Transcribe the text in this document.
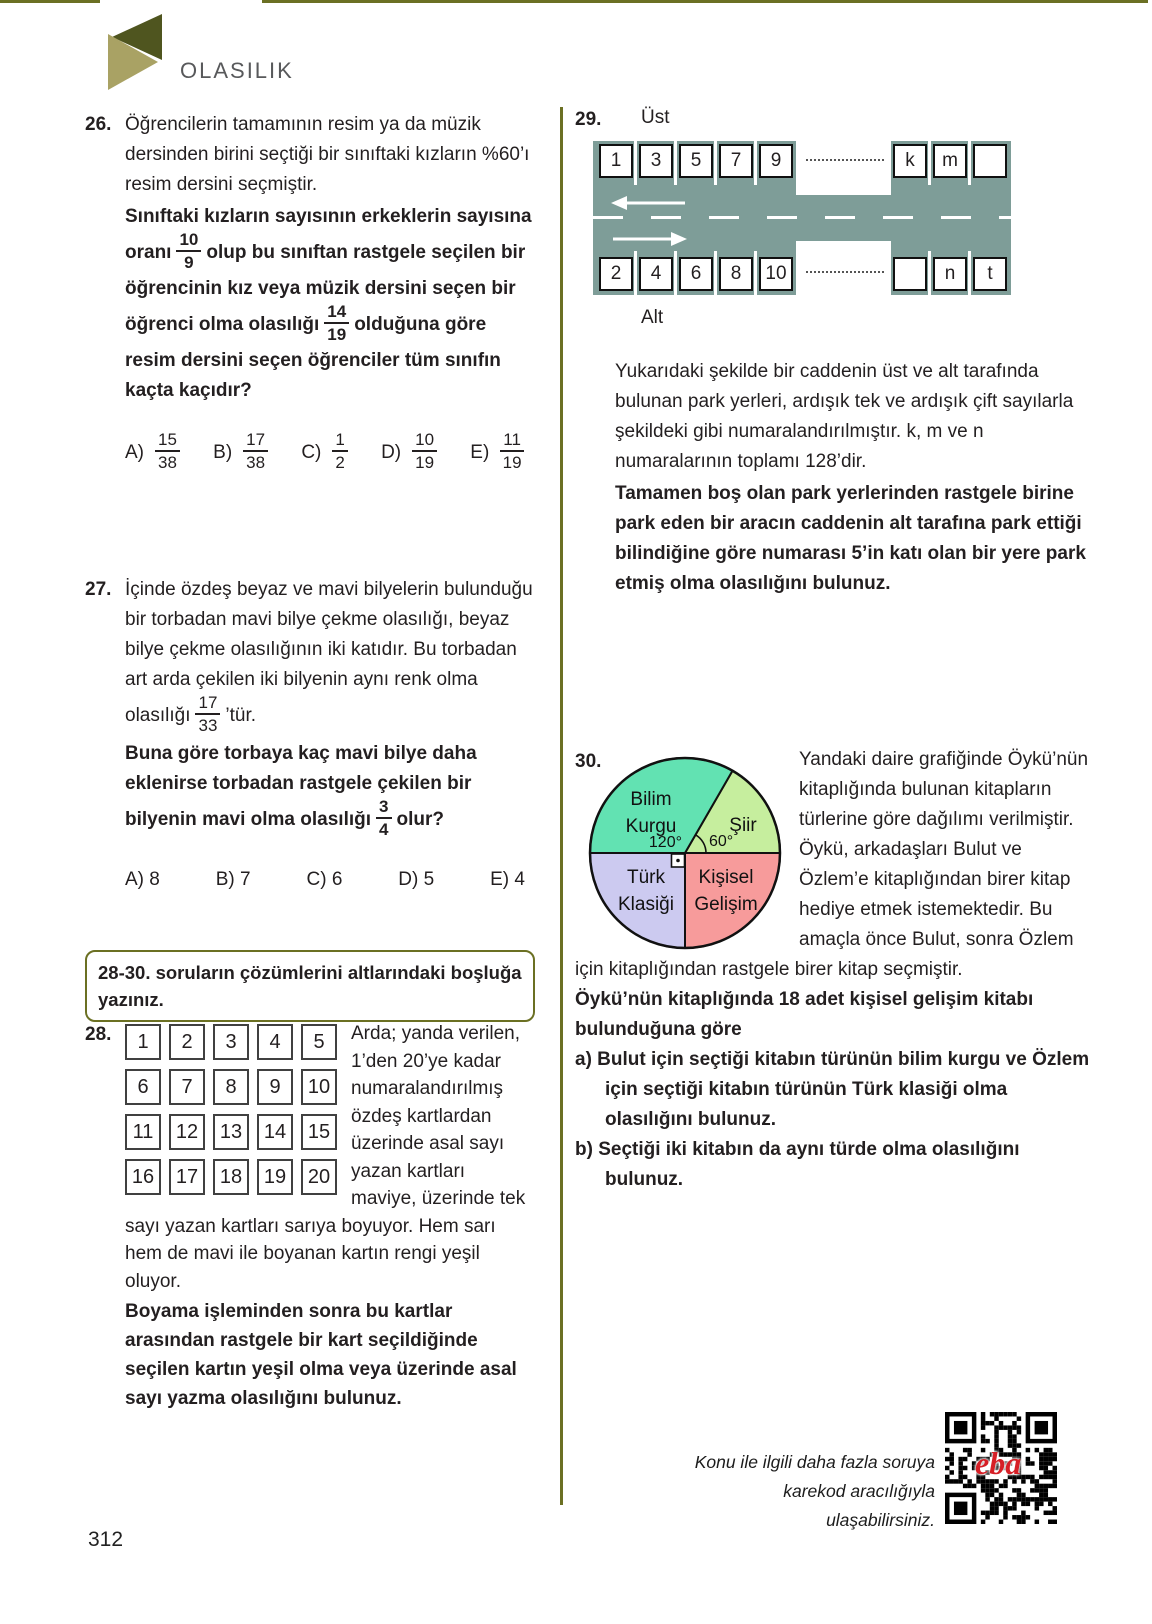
OLASILIK
26. Öğrencilerin tamamının resim ya da müzik dersinden birini seçtiği bir sınıftaki kızların %60’ı resim dersini seçmiştir.

Sınıftaki kızların sayısının erkeklerin sayısına oranı $\frac{10}{9}$ olup bu sınıftan rastgele seçilen bir öğrencinin kız veya müzik dersini seçen bir öğrenci olma olasılığı $\frac{14}{19}$ olduğuna göre resim dersini seçen öğrenciler tüm sınıfın kaçta kaçıdır?

$A) \frac{15}{38} B) \frac{17}{38} C) \frac{1}{2} D) \frac{10}{19} E) \frac{11}{19}$
27. İçinde özdeş beyaz ve mavi bilyelerin bulunduğu bir torbadan mavi bilye çekme olasılığı, beyaz bilye çekme olasılığının iki katıdır. Bu torbadan art arda çekilen iki bilyenin aynı renk olma olasılığı $\frac{17}{33}$ ’tür.

Buna göre torbaya kaç mavi bilye daha eklenirse torbadan rastgele çekilen bir bilyenin mavi olma olasılığı $\frac{3}{4}$ olur?

A) 8	B) 7	C) 6	D) 5	E) 4
28-30. soruların çözümlerini altlarındaki boşluğa yazınız.
28.	1	2	3	4	5
6	7	8	9	10
11	12	13	14	15
16	17	18	19	20

Arda; yanda verilen, 1’den 20’ye kadar numaralandırılmış özdeş kartlardan üzerinde asal sayı yazan kartları maviye, üzerinde tek sayı yazan kartları sarıya boyuyor. Hem sarı hem de mavi ile boyanan kartın rengi yeşil oluyor.

Boyama işleminden sonra bu kartlar arasından rastgele bir kart seçildiğinde seçilen kartın yeşil olma veya üzerinde asal sayı yazma olasılığını bulunuz.

29.	Üst
1	3	5	7	9	k	m
2	4	6	8	10	n	t
Alt

Yukarıdaki şekilde bir caddenin üst ve alt tarafında bulunan park yerleri, ardışık tek ve ardışık çift sayılarla şekildeki gibi numaralandırılmıştır. k, m ve n numaralarının toplamı 128’dir.

Tamamen boş olan park yerlerinden rastgele birine park eden bir aracın caddenin alt tarafına park ettiği bilindiğine göre numarası 5’in katı olan bir yere park etmiş olma olasılığını bulunuz.

30.
Bilim
Kurgu
120°
Şiir
60°
Türk
Klasiği
Kişisel
Gelişim

Yandaki daire grafiğinde Öykü’nün kitaplığında bulunan kitapların türlerine göre dağılımı verilmiştir. Öykü, arkadaşları Bulut ve Özlem’e kitaplığından birer kitap hediye etmek istemektedir. Bu amaçla önce Bulut, sonra Özlem için kitaplığından rastgele birer kitap seçmiştir.

Öykü’nün kitaplığında 18 adet kişisel gelişim kitabı bulunduğuna göre

a) Bulut için seçtiği kitabın türünün bilim kurgu ve Özlem için seçtiği kitabın türünün Türk klasiği olma olasılığını bulunuz.

b) Seçtiği iki kitabın da aynı türde olma olasılığını bulunuz.

Konu ile ilgili daha fazla soruya
karekod aracılığıyla ulaşabilirsiniz.
eba
312
